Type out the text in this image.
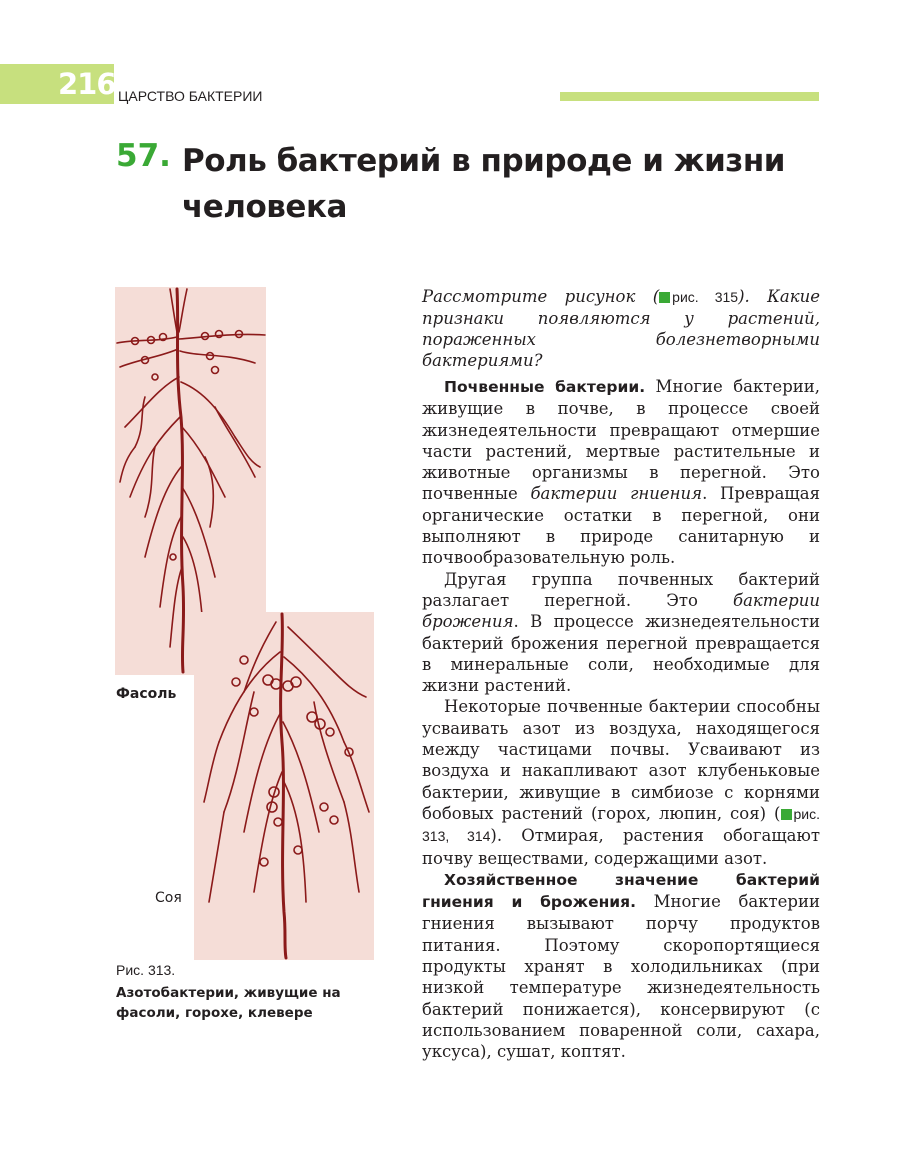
216 ЦАРСТВО БАКТЕРИИ
57. Роль бактерий в природе и жизни человека
Фасоль
Соя
Рис. 313.
Азотобактерии, живущие на фасоли, горохе, клевере
Рассмотрите рисунок ( рис. 315). Какие признаки появляются у растений, пораженных болезнетворными бактериями?

Почвенные бактерии. Многие бактерии, живущие в почве, в процессе своей жизнедеятельности превращают отмершие части растений, мертвые растительные и животные организмы в перегной. Это почвенные бактерии гниения. Превращая органические остатки в перегной, они выполняют в природе санитарную и почвообразовательную роль.

Другая группа почвенных бактерий разлагает перегной. Это бактерии брожения. В процессе жизнедеятельности бактерий брожения перегной превращается в минеральные соли, необходимые для жизни растений.

Некоторые почвенные бактерии способны усваивать азот из воздуха, находящегося между частицами почвы. Усваивают из воздуха и накапливают азот клубеньковые бактерии, живущие в симбиозе с корнями бобовых растений (горох, люпин, соя) ( рис. 313, 314). Отмирая, растения обогащают почву веществами, содержащими азот.

Хозяйственное значение бактерий гниения и брожения. Многие бактерии гниения вызывают порчу продуктов питания. Поэтому скоропортящиеся продукты хранят в холодильниках (при низкой температуре жизнедеятельность бактерий понижается), консервируют (с использованием поваренной соли, сахара, уксуса), сушат, коптят.
